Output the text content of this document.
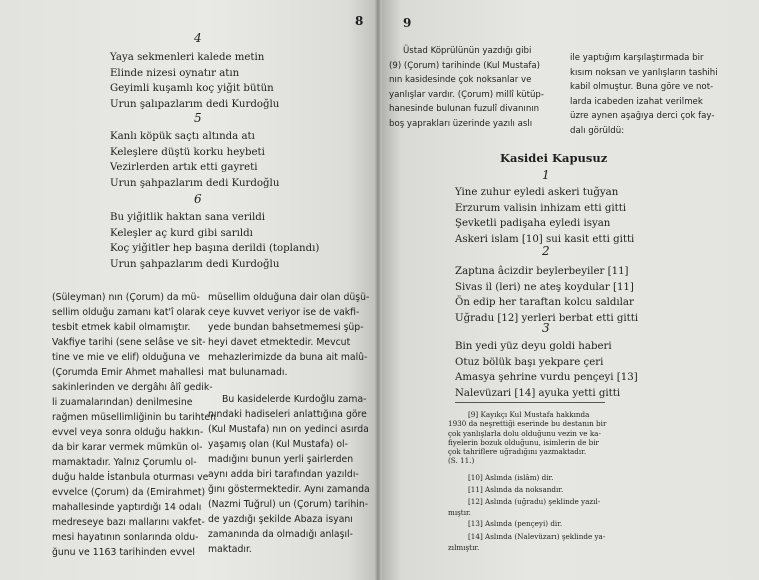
8
4
Yaya sekmenleri kalede metin
Elinde nizesi oynatır atın
Geyimli kuşamlı koç yiğit bütün
Urun şalıpazlarım dedi Kurdoğlu
5
Kanlı köpük saçtı altında atı
Keleşlere düştü korku heybeti
Vezirlerden artık etti gayreti
Urun şahpazlarım dedi Kurdoğlu
6
Bu yiğitlik haktan sana verildi
Keleşler aç kurd gibi sarıldı
Koç yiğitler hep başına derildi (toplandı)
Urun şahpazlarım dedi Kurdoğlu
(Süleyman) nın (Çorum) da mü-
sellim olduğu zamanı kat'î olarak
tesbit etmek kabil olmamıştır.
Vakfiye tarihi (sene selâse ve sit-
tine ve mie ve elif) olduğuna ve
(Çorumda Emir Ahmet mahallesi
sakinlerinden ve dergâhı âlî gedik-
li zuamalarından) denilmesine
rağmen müsellimliğinin bu tarihten
evvel veya sonra olduğu hakkın-
da bir karar vermek mümkün ol-
mamaktadır. Yalnız Çorumlu ol-
duğu halde İstanbula oturması ve
evvelce (Çorum) da (Emirahmet)
mahallesinde yaptırdığı 14 odalı
medreseye bazı mallarını vakfet-
mesi hayatının sonlarında oldu-
ğunu ve 1163 tarihinden evvel
müsellim olduğuna dair olan düşü-
ceye kuvvet veriyor ise de vakfi-
yede bundan bahsetmemesi şüp-
heyi davet etmektedir. Mevcut
mehazlerimizde da buna ait malû-
mat bulunamadı.
Bu kasidelerde Kurdoğlu zama-
nındaki hadiseleri anlattığına göre
(Kul Mustafa) nın on yedinci asırda
yaşamış olan (Kul Mustafa) ol-
madığını bunun yerli şairlerden
aynı adda biri tarafından yazıldı-
ğını göstermektedir. Aynı zamanda
(Nazmi Tuğrul) un (Çorum) tarihin-
de yazdığı şekilde Abaza isyanı
zamanında da olmadığı anlaşıl-
maktadır.
9
Üstad Köprülünün yazdığı gibi
(9) (Çorum) tarihinde (Kul Mustafa)
nın kasidesinde çok noksanlar ve
yanlışlar vardır. (Çorum) millî kütüp-
hanesinde bulunan fuzulî divanının
boş yaprakları üzerinde yazılı aslı
ile yaptığım karşılaştırmada bir
kısım noksan ve yanlışların tashihi
kabil olmuştur. Buna göre ve not-
larda icabeden izahat verilmek
üzre aynen aşağıya derci çok fay-
dalı görüldü:
Kasidei Kapusuz
1
Yine zuhur eyledi askeri tuğyan
Erzurum valisin inhizam etti gitti
Şevketli padişaha eyledi isyan
Askeri islam [10] sui kasit etti gitti
2
Zaptına âcizdir beylerbeyiler [11]
Sivas il (leri) ne ateş koydular [11]
Ön edip her taraftan kolcu saldılar
Uğradu [12] yerleri berbat etti gitti
3
Bin yedi yüz deyu goldi haberi
Otuz bölük başı yekpare çeri
Amasya şehrine vurdu pençeyi [13]
Nalevüzari [14] ayuka yetti gitti
[9] Kayıkçı Kul Mustafa hakkında
1930 da neşrettiği eserinde bu destanın bir
çok yanlışlarla dolu olduğunu vezin ve ka-
fiyelerin bozuk olduğunu, isimlerin de bir
çok tahriflere uğradığını yazmaktadır.
(S. 11.)
[10] Aslında (islâm) dir.
[11] Aslında da noksandır.
[12] Aslında (uğradu) şeklinde yazıl-
mıştır.
[13] Aslında (pençeyi) dir.
[14] Aslında (Nalevüzarı) şeklinde ya-
zılmıştır.
